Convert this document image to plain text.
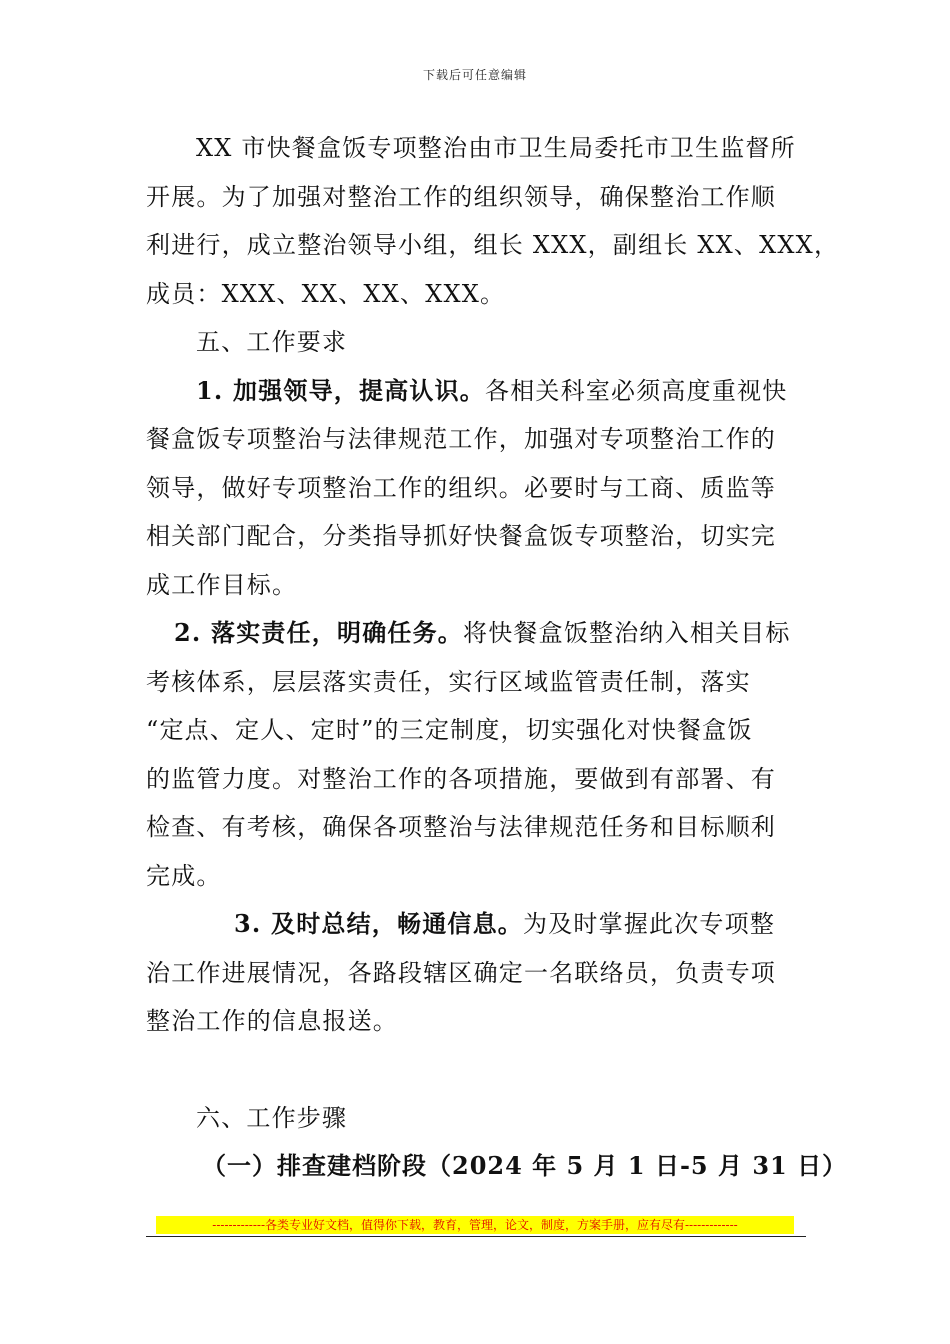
下载后可任意编辑
XX 市快餐盒饭专项整治由市卫生局委托市卫生监督所
开展。为了加强对整治工作的组织领导，确保整治工作顺
利进行，成立整治领导小组，组长 XXX，副组长 XX、XXX，
成员：XXX、XX、XX、XXX。
五、工作要求
1. 加强领导，提高认识。各相关科室必须高度重视快
餐盒饭专项整治与法律规范工作，加强对专项整治工作的
领导，做好专项整治工作的组织。必要时与工商、质监等
相关部门配合，分类指导抓好快餐盒饭专项整治，切实完
成工作目标。
2. 落实责任，明确任务。将快餐盒饭整治纳入相关目标
考核体系，层层落实责任，实行区域监管责任制，落实
“定点、定人、定时”的三定制度，切实强化对快餐盒饭
的监管力度。对整治工作的各项措施，要做到有部署、有
检查、有考核，确保各项整治与法律规范任务和目标顺利
完成。
3. 及时总结，畅通信息。为及时掌握此次专项整
治工作进展情况，各路段辖区确定一名联络员，负责专项
整治工作的信息报送。
六、工作步骤
（一）排查建档阶段（2024 年 5 月 1 日-5 月 31 日）
-------------各类专业好文档，值得你下载，教育，管理，论文，制度，方案手册，应有尽有-------------
